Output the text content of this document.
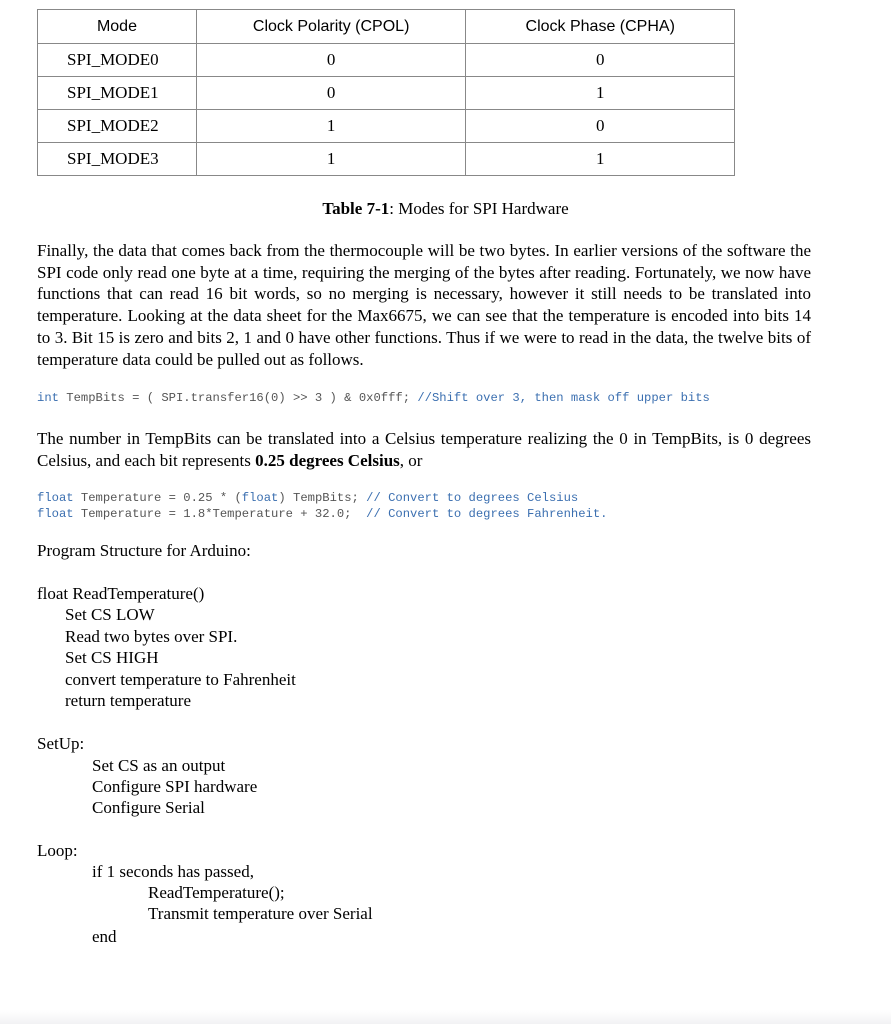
Mode	Clock Polarity (CPOL)	Clock Phase (CPHA)
SPI_MODE0	0	0
SPI_MODE1	0	1
SPI_MODE2	1	0
SPI_MODE3	1	1
Table 7-1: Modes for SPI Hardware

Finally, the data that comes back from the thermocouple will be two bytes. In earlier versions of the software the SPI code only read one byte at a time, requiring the merging of the bytes after reading. Fortunately, we now have functions that can read 16 bit words, so no merging is necessary, however it still needs to be translated into temperature. Looking at the data sheet for the Max6675, we can see that the temperature is encoded into bits 14 to 3. Bit 15 is zero and bits 2, 1 and 0 have other functions. Thus if we were to read in the data, the twelve bits of temperature data could be pulled out as follows.

int TempBits = ( SPI.transfer16(0) >> 3 ) & 0x0fff; //Shift over 3, then mask off upper bits

The number in TempBits can be translated into a Celsius temperature realizing the 0 in TempBits, is 0 degrees Celsius, and each bit represents 0.25 degrees Celsius, or

float Temperature = 0.25 * (float) TempBits; // Convert to degrees Celsius
float Temperature = 1.8*Temperature + 32.0;  // Convert to degrees Fahrenheit.
Program Structure for Arduino:
float ReadTemperature()
Set CS LOW
Read two bytes over SPI.
Set CS HIGH
convert temperature to Fahrenheit
return temperature
SetUp:
Set CS as an output
Configure SPI hardware
Configure Serial
Loop:
if 1 seconds has passed,
ReadTemperature();
Transmit temperature over Serial
end
